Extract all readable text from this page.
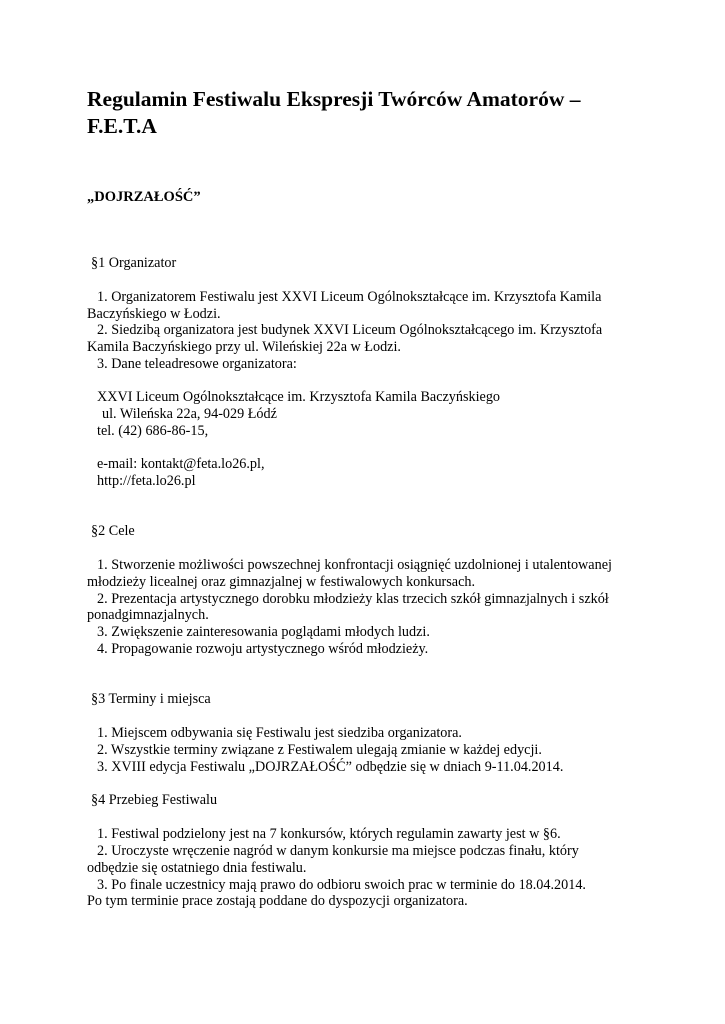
Regulamin Festiwalu Ekspresji Twórców Amatorów –
F.E.T.A

„DOJRZAŁOŚĆ”

§1 Organizator

1. Organizatorem Festiwalu jest XXVI Liceum Ogólnokształcące im. Krzysztofa Kamila

Baczyńskiego w Łodzi.

2. Siedzibą organizatora jest budynek XXVI Liceum Ogólnokształcącego im. Krzysztofa

Kamila Baczyńskiego przy ul. Wileńskiej 22a w Łodzi.

3. Dane teleadresowe organizatora:

XXVI Liceum Ogólnokształcące im. Krzysztofa Kamila Baczyńskiego

ul. Wileńska 22a, 94-029 Łódź

tel. (42) 686-86-15,

e-mail: kontakt@feta.lo26.pl,

http://feta.lo26.pl

§2 Cele

1. Stworzenie możliwości powszechnej konfrontacji osiągnięć uzdolnionej i utalentowanej

młodzieży licealnej oraz gimnazjalnej w festiwalowych konkursach.

2. Prezentacja artystycznego dorobku młodzieży klas trzecich szkół gimnazjalnych i szkół

ponadgimnazjalnych.

3. Zwiększenie zainteresowania poglądami młodych ludzi.

4. Propagowanie rozwoju artystycznego wśród młodzieży.

§3 Terminy i miejsca

1. Miejscem odbywania się Festiwalu jest siedziba organizatora.

2. Wszystkie terminy związane z Festiwalem ulegają zmianie w każdej edycji.

3. XVIII edycja Festiwalu „DOJRZAŁOŚĆ” odbędzie się w dniach 9-11.04.2014.

§4 Przebieg Festiwalu

1. Festiwal podzielony jest na 7 konkursów, których regulamin zawarty jest w §6.

2. Uroczyste wręczenie nagród w danym konkursie ma miejsce podczas finału, który

odbędzie się ostatniego dnia festiwalu.

3. Po finale uczestnicy mają prawo do odbioru swoich prac w terminie do 18.04.2014.

Po tym terminie prace zostają poddane do dyspozycji organizatora.
